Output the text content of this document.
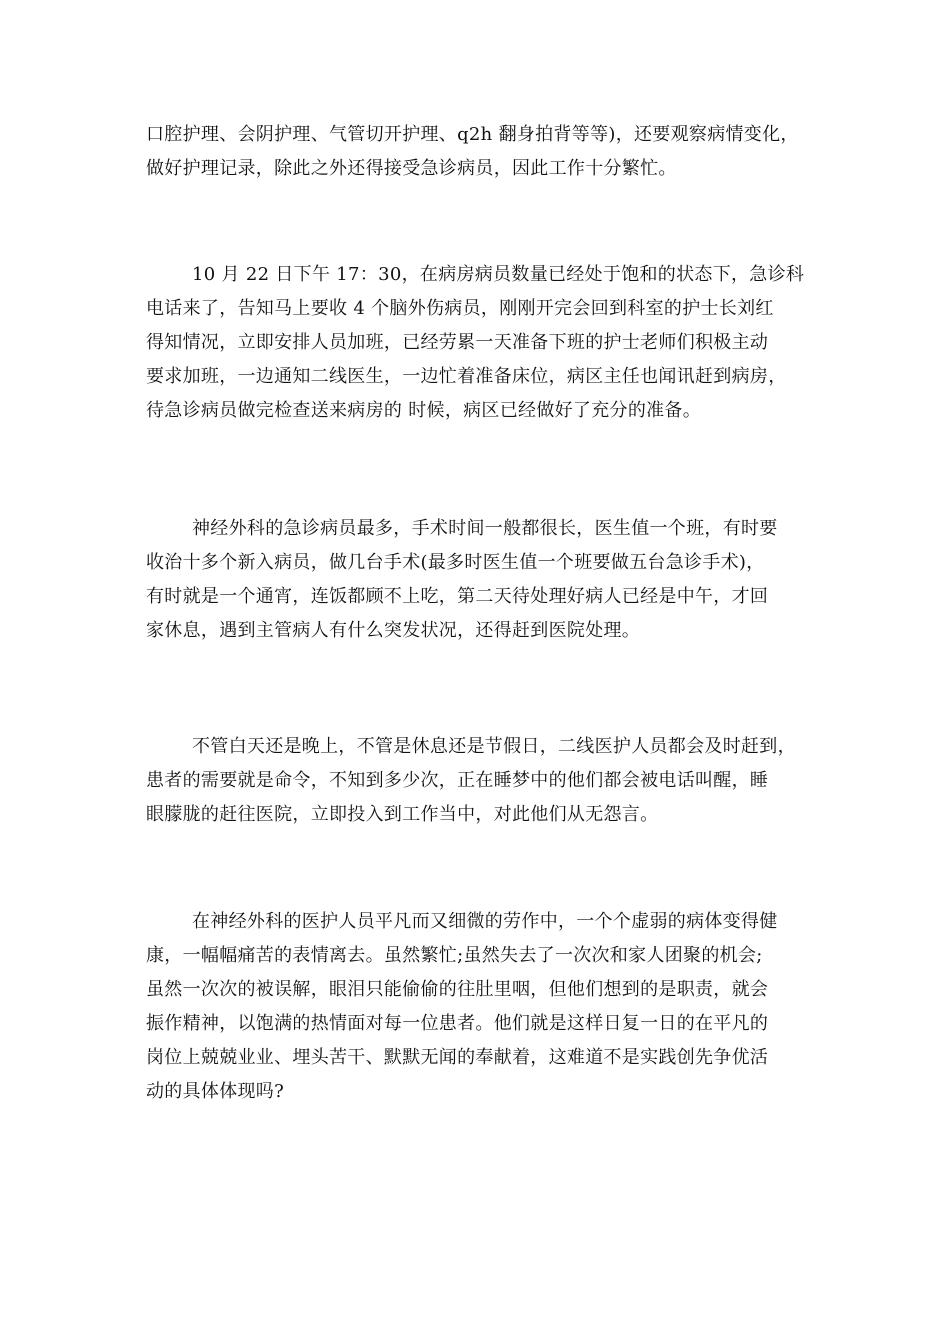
口腔护理、会阴护理、气管切开护理、q2h 翻身拍背等等)，还要观察病情变化，
做好护理记录，除此之外还得接受急诊病员，因此工作十分繁忙。
10 月 22 日下午 17：30，在病房病员数量已经处于饱和的状态下，急诊科
电话来了，告知马上要收 4 个脑外伤病员，刚刚开完会回到科室的护士长刘红
得知情况，立即安排人员加班，已经劳累一天准备下班的护士老师们积极主动
要求加班，一边通知二线医生，一边忙着准备床位，病区主任也闻讯赶到病房，
待急诊病员做完检查送来病房的 时候，病区已经做好了充分的准备。
神经外科的急诊病员最多，手术时间一般都很长，医生值一个班，有时要
收治十多个新入病员，做几台手术(最多时医生值一个班要做五台急诊手术)，
有时就是一个通宵，连饭都顾不上吃，第二天待处理好病人已经是中午，才回
家休息，遇到主管病人有什么突发状况，还得赶到医院处理。
不管白天还是晚上，不管是休息还是节假日，二线医护人员都会及时赶到，
患者的需要就是命令，不知到多少次，正在睡梦中的他们都会被电话叫醒，睡
眼朦胧的赶往医院，立即投入到工作当中，对此他们从无怨言。
在神经外科的医护人员平凡而又细微的劳作中，一个个虚弱的病体变得健
康，一幅幅痛苦的表情离去。虽然繁忙;虽然失去了一次次和家人团聚的机会;
虽然一次次的被误解，眼泪只能偷偷的往肚里咽，但他们想到的是职责，就会
振作精神，以饱满的热情面对每一位患者。他们就是这样日复一日的在平凡的
岗位上兢兢业业、埋头苦干、默默无闻的奉献着，这难道不是实践创先争优活
动的具体体现吗?
